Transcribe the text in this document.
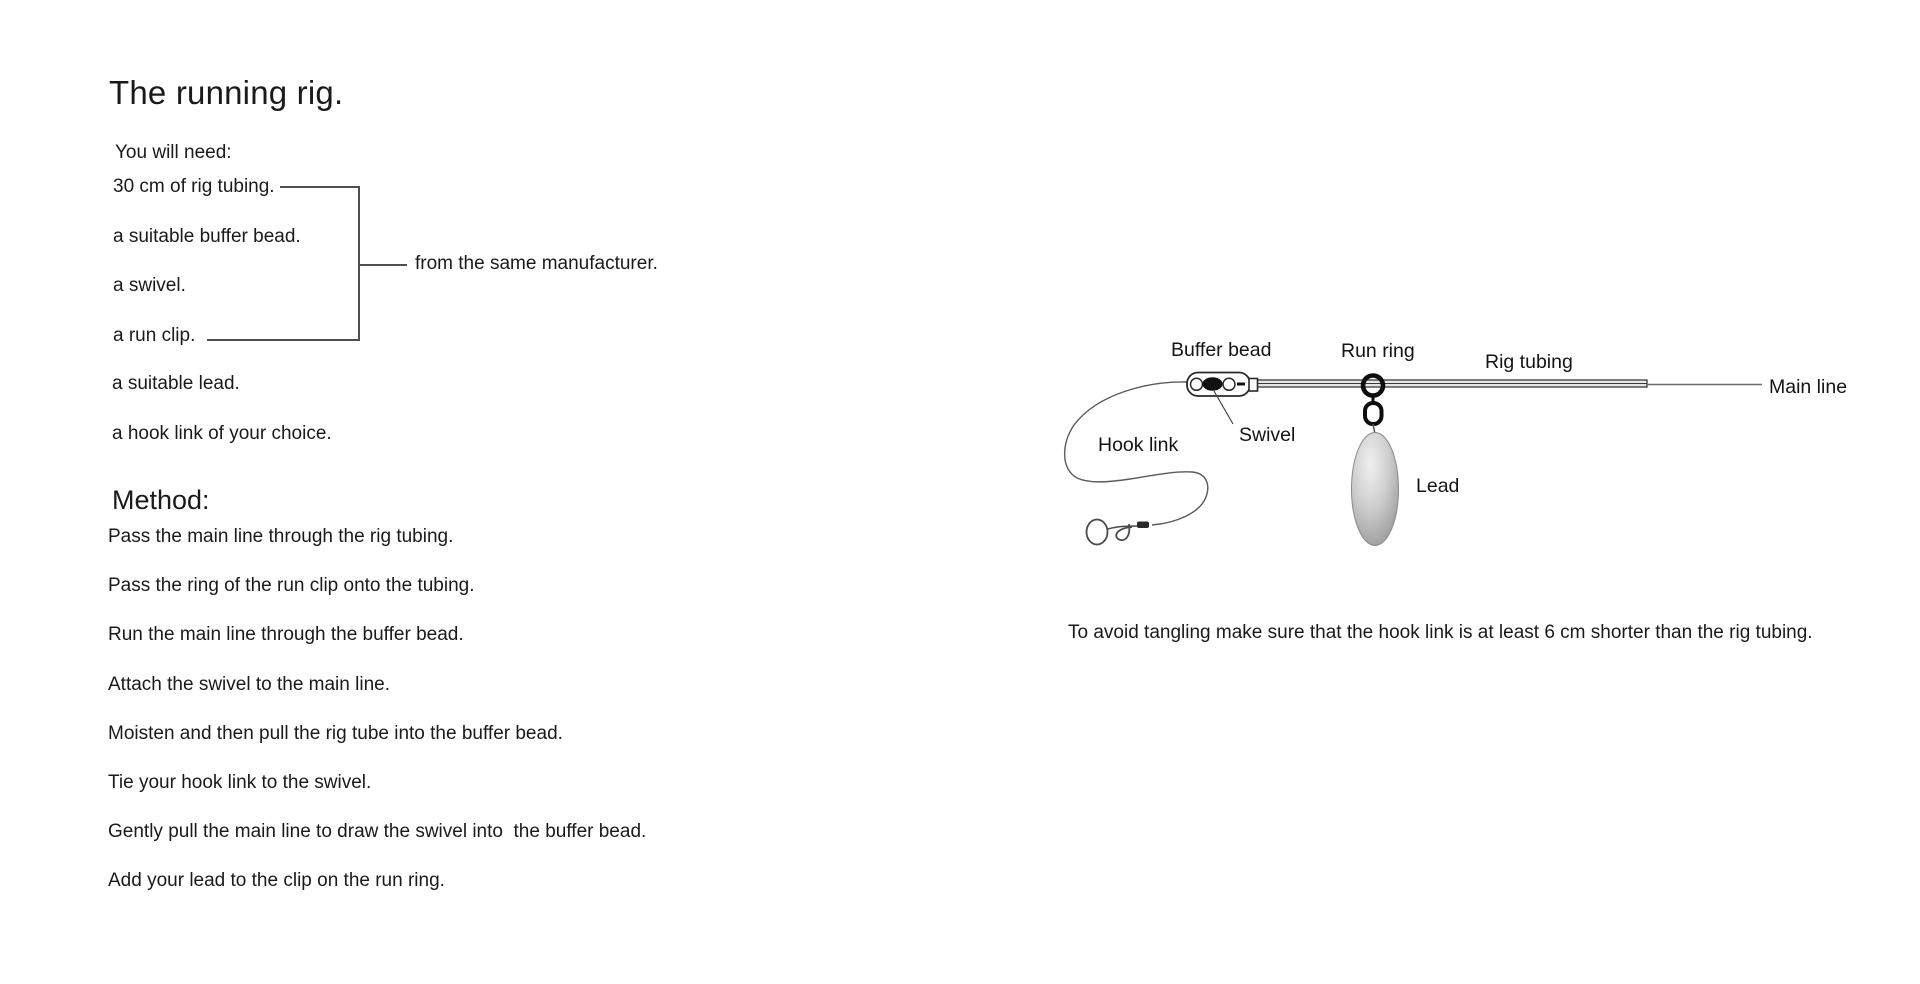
The running rig.
You will need:
30 cm of rig tubing.
a suitable buffer bead.
a swivel.
a run clip.
a suitable lead.
a hook link of your choice.
from the same manufacturer.
Method:
Pass the main line through the rig tubing.
Pass the ring of the run clip onto the tubing.
Run the main line through the buffer bead.
Attach the swivel to the main line.
Moisten and then pull the rig tube into the buffer bead.
Tie your hook link to the swivel.
Gently pull the main line to draw the swivel into  the buffer bead.
Add your lead to the clip on the run ring.
Buffer bead	Run ring	Rig tubing
Main line
Swivel
Hook link
Lead
To avoid tangling make sure that the hook link is at least 6 cm shorter than the rig tubing.
